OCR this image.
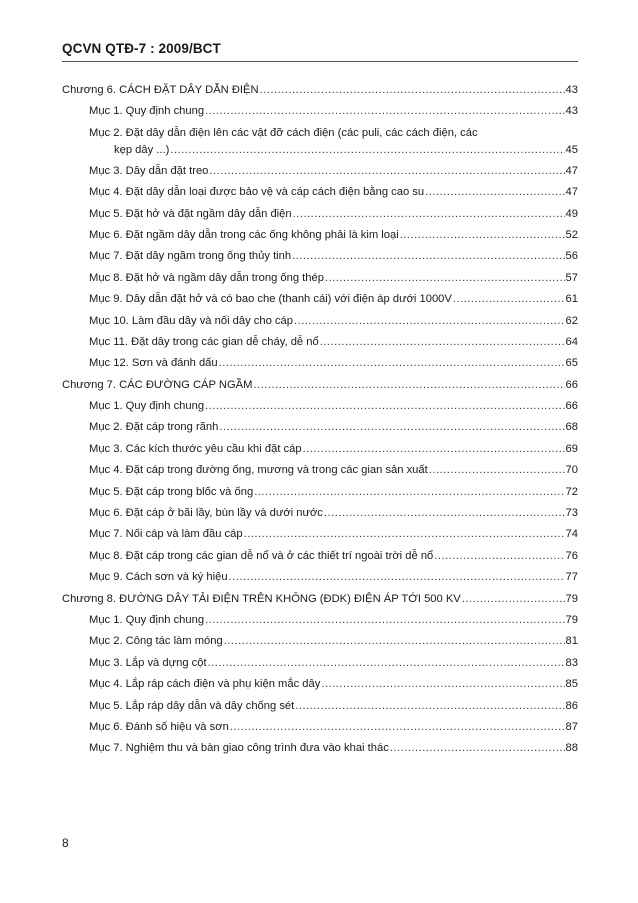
QCVN QTĐ-7 : 2009/BCT
Chương 6. CÁCH ĐẶT DÂY DẪN ĐIỆN .....	43
Mục 1. Quy định chung .....	43
Mục 2. Đặt dây dẫn điện lên các vật đỡ cách điện (các puli, các cách điện, các
kẹp dây ...) .....	45
Mục 3. Dây dẫn đặt treo .....	47
Mục 4. Đặt dây dẫn loại được bảo vệ và cáp cách điện bằng cao su .....	47
Mục 5. Đặt hở và đặt ngầm dây dẫn điện .....	49
Mục 6. Đặt ngầm dây dẫn trong các ống không phải là kim loại .....	52
Mục 7. Đặt dây ngầm trong ống thủy tinh .....	56
Mục 8. Đặt hở và ngầm dây dẫn trong ống thép .....	57
Mục 9. Dây dẫn đặt hở và có bao che (thanh cái) với điện áp dưới 1000V .....	61
Mục 10. Làm đầu dây và nối dây cho cáp .....	62
Mục 11. Đặt dây trong các gian dễ cháy, dễ nổ .....	64
Mục 12. Sơn và đánh dấu .....	65
Chương 7. CÁC ĐƯỜNG CÁP NGẦM .....	66
Mục 1. Quy định chung .....	66
Mục 2. Đặt cáp trong rãnh .....	68
Mục 3. Các kích thước yêu cầu khi đặt cáp .....	69
Mục 4. Đặt cáp trong đường ống, mương và trong các gian sản xuất .....	70
Mục 5. Đặt cáp trong blốc và ống .....	72
Mục 6. Đặt cáp ở bãi lầy, bùn lầy và dưới nước .....	73
Mục 7. Nối cáp và làm đầu cáp .....	74
Mục 8. Đặt cáp trong các gian dễ nổ và ở các thiết trí ngoài trời dễ nổ .....	76
Mục 9. Cách sơn và ký hiệu .....	77
Chương 8. ĐƯỜNG DÂY TẢI ĐIỆN TRÊN KHÔNG (ĐDK) ĐIỆN ÁP TỚI 500 KV .....	79
Mục 1. Quy định chung .....	79
Mục 2. Công tác làm móng .....	81
Mục 3. Lắp và dựng cột .....	83
Mục 4. Lắp ráp cách điện và phụ kiện mắc dây .....	85
Mục 5. Lắp ráp dây dẫn và dây chống sét .....	86
Mục 6. Đánh số hiệu và sơn .....	87
Mục 7. Nghiệm thu và bàn giao công trình đưa vào khai thác .....	88
8
